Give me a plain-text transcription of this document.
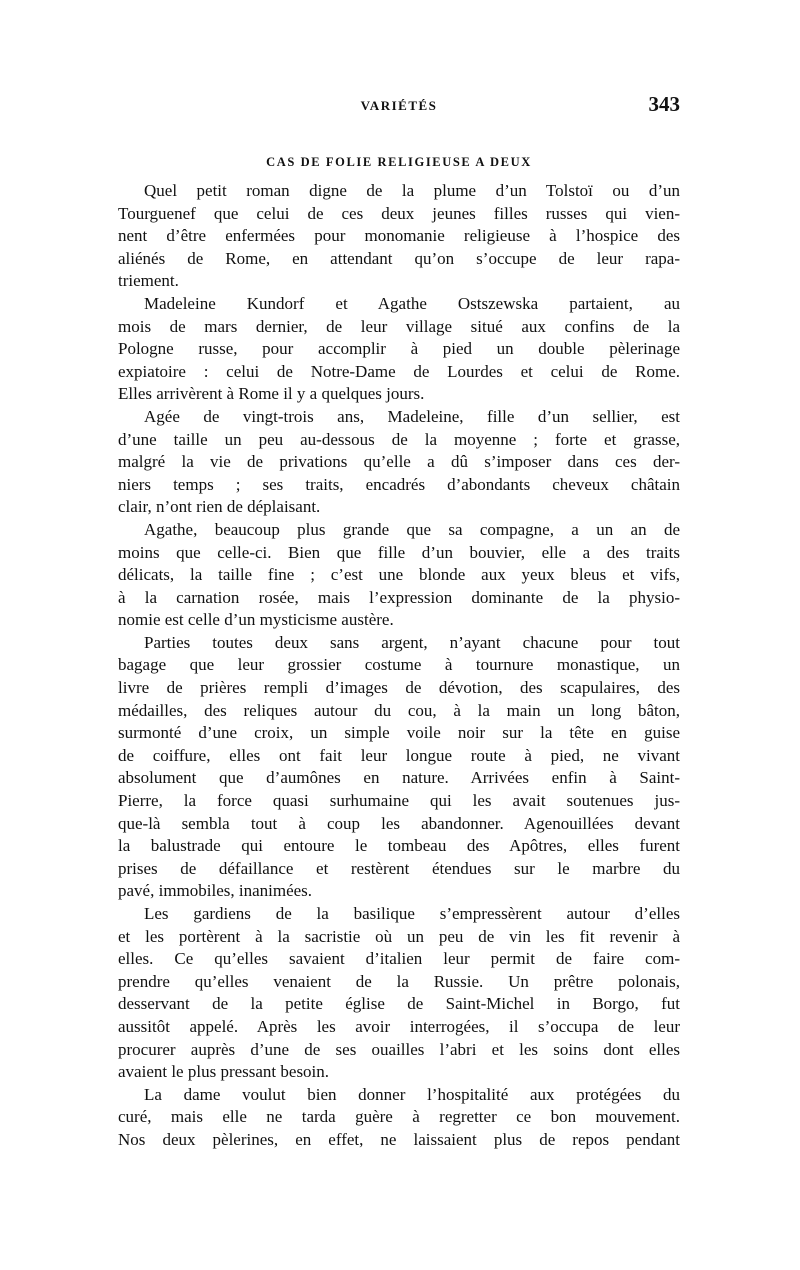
VARIÉTÉS	343
CAS DE FOLIE RELIGIEUSE A DEUX
Quel petit roman digne de la plume d’un Tolstoï ou d’un
Tourguenef que celui de ces deux jeunes filles russes qui vien-
nent d’être enfermées pour monomanie religieuse à l’hospice des
aliénés de Rome, en attendant qu’on s’occupe de leur rapa-
triement.
Madeleine Kundorf et Agathe Ostszewska partaient, au
mois de mars dernier, de leur village situé aux confins de la
Pologne russe, pour accomplir à pied un double pèlerinage
expiatoire : celui de Notre-Dame de Lourdes et celui de Rome.
Elles arrivèrent à Rome il y a quelques jours.
Agée de vingt-trois ans, Madeleine, fille d’un sellier, est
d’une taille un peu au-dessous de la moyenne ; forte et grasse,
malgré la vie de privations qu’elle a dû s’imposer dans ces der-
niers temps ; ses traits, encadrés d’abondants cheveux châtain
clair, n’ont rien de déplaisant.
Agathe, beaucoup plus grande que sa compagne, a un an de
moins que celle-ci. Bien que fille d’un bouvier, elle a des traits
délicats, la taille fine ; c’est une blonde aux yeux bleus et vifs,
à la carnation rosée, mais l’expression dominante de la physio-
nomie est celle d’un mysticisme austère.
Parties toutes deux sans argent, n’ayant chacune pour tout
bagage que leur grossier costume à tournure monastique, un
livre de prières rempli d’images de dévotion, des scapulaires, des
médailles, des reliques autour du cou, à la main un long bâton,
surmonté d’une croix, un simple voile noir sur la tête en guise
de coiffure, elles ont fait leur longue route à pied, ne vivant
absolument que d’aumônes en nature. Arrivées enfin à Saint-
Pierre, la force quasi surhumaine qui les avait soutenues jus-
que-là sembla tout à coup les abandonner. Agenouillées devant
la balustrade qui entoure le tombeau des Apôtres, elles furent
prises de défaillance et restèrent étendues sur le marbre du
pavé, immobiles, inanimées.
Les gardiens de la basilique s’empressèrent autour d’elles
et les portèrent à la sacristie où un peu de vin les fit revenir à
elles. Ce qu’elles savaient d’italien leur permit de faire com-
prendre qu’elles venaient de la Russie. Un prêtre polonais,
desservant de la petite église de Saint-Michel in Borgo, fut
aussitôt appelé. Après les avoir interrogées, il s’occupa de leur
procurer auprès d’une de ses ouailles l’abri et les soins dont elles
avaient le plus pressant besoin.
La dame voulut bien donner l’hospitalité aux protégées du
curé, mais elle ne tarda guère à regretter ce bon mouvement.
Nos deux pèlerines, en effet, ne laissaient plus de repos pendant
